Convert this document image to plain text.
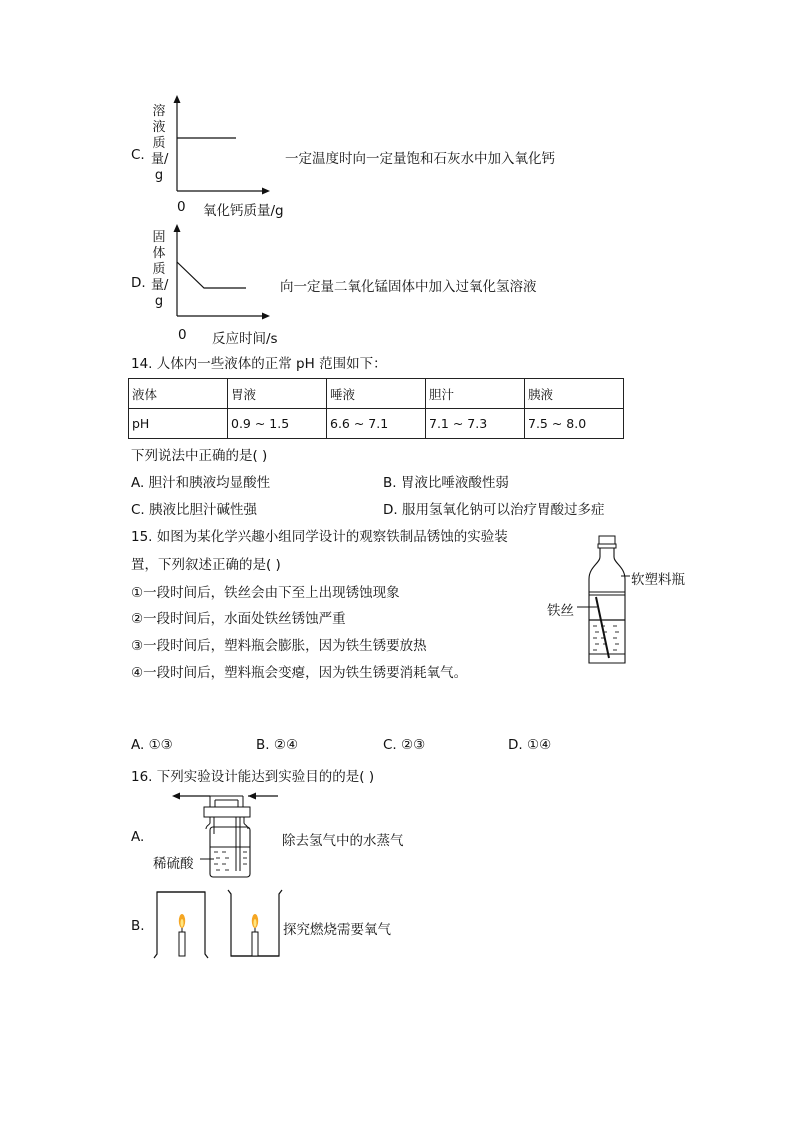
C.
溶液质量/g
0 氧化钙质量/g
一定温度时向一定量饱和石灰水中加入氧化钙
D.
固体质量/g
0 反应时间/s
向一定量二氧化锰固体中加入过氧化氢溶液
14. 人体内一些液体的正常 pH 范围如下：
液体	胃液	唾液	胆汁	胰液
pH	0.9 ~ 1.5	6.6 ~ 7.1	7.1 ~ 7.3	7.5 ~ 8.0
下列说法中正确的是( )
A. 胆汁和胰液均显酸性	B. 胃液比唾液酸性弱
C. 胰液比胆汁碱性强	D. 服用氢氧化钠可以治疗胃酸过多症
15. 如图为某化学兴趣小组同学设计的观察铁制品锈蚀的实验装
置，下列叙述正确的是( )
①一段时间后，铁丝会由下至上出现锈蚀现象
②一段时间后，水面处铁丝锈蚀严重
③一段时间后，塑料瓶会膨胀，因为铁生锈要放热
④一段时间后，塑料瓶会变瘪，因为铁生锈要消耗氧气。
软塑料瓶
铁丝
A. ①③	B. ②④	C. ②③	D. ①④
16. 下列实验设计能达到实验目的的是( )
A.
稀硫酸
除去氢气中的水蒸气
B.	探究燃烧需要氧气
